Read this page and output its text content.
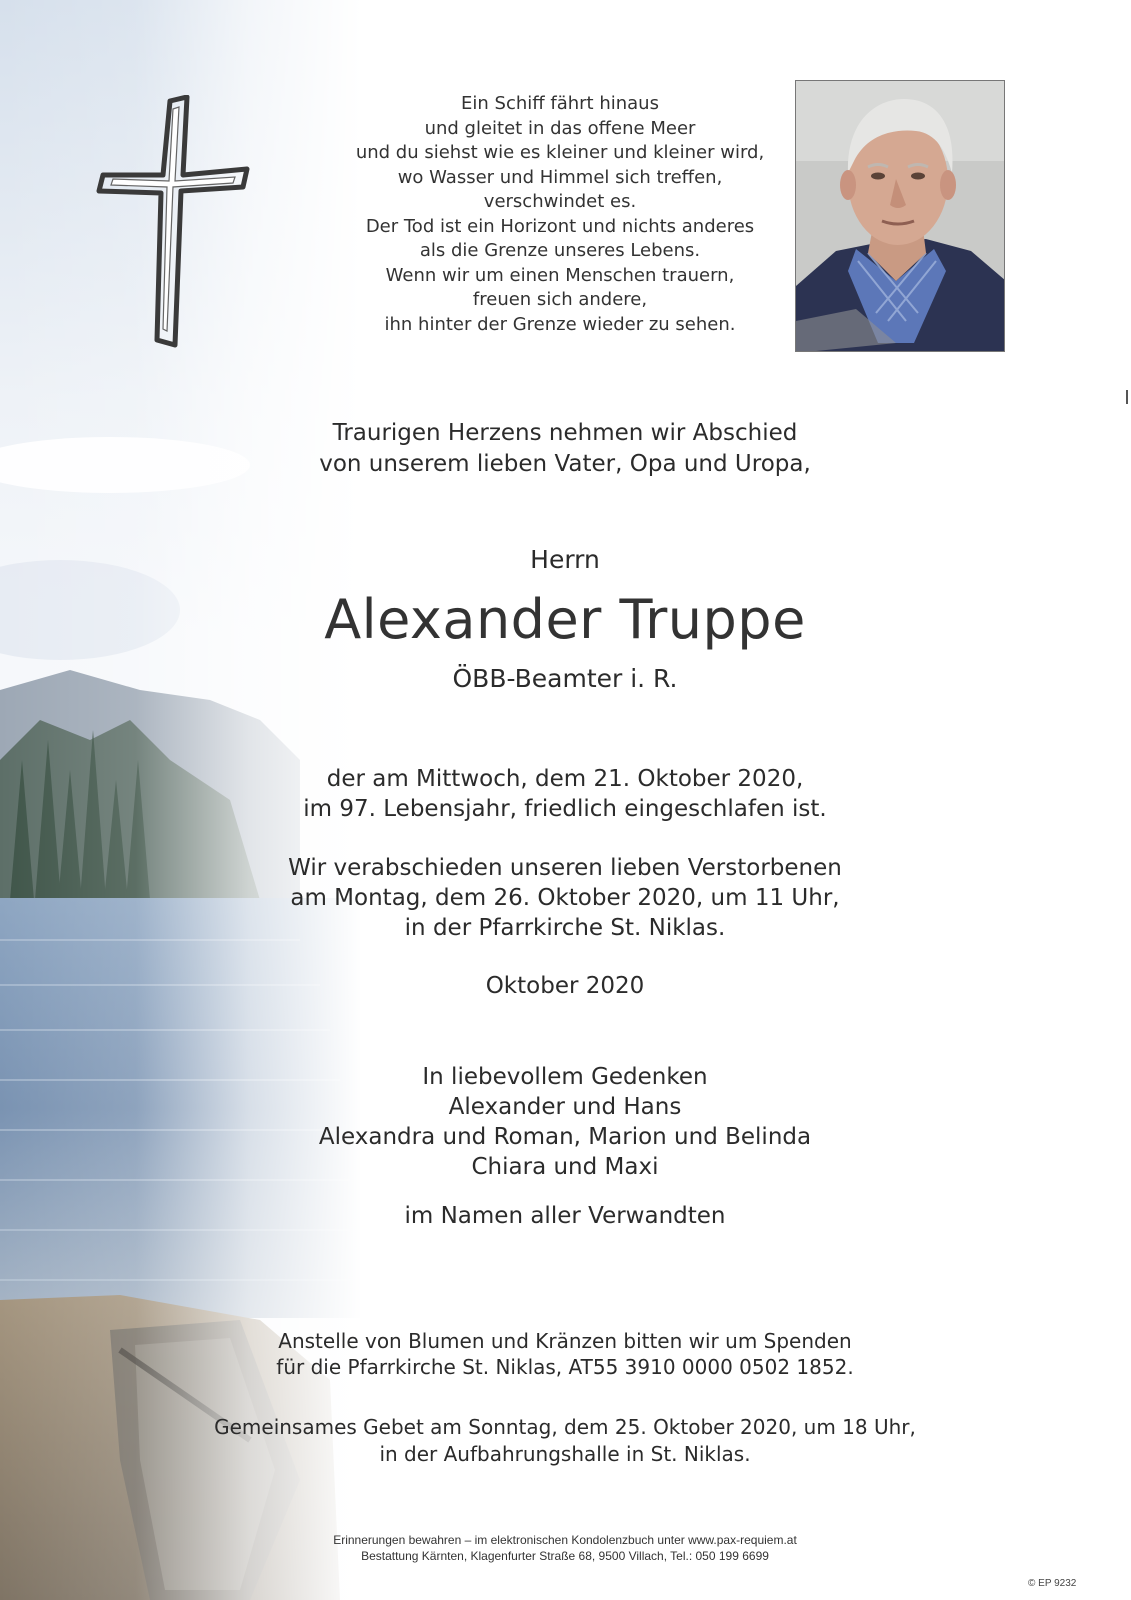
Ein Schiff fährt hinaus
und gleitet in das offene Meer
und du siehst wie es kleiner und kleiner wird,
wo Wasser und Himmel sich treffen,
verschwindet es.
Der Tod ist ein Horizont und nichts anderes
als die Grenze unseres Lebens.
Wenn wir um einen Menschen trauern,
freuen sich andere,
ihn hinter der Grenze wieder zu sehen.
Traurigen Herzens nehmen wir Abschied
von unserem lieben Vater, Opa und Uropa,
Herrn
Alexander Truppe
ÖBB-Beamter i. R.
der am Mittwoch, dem 21. Oktober 2020,
im 97. Lebensjahr, friedlich eingeschlafen ist.
Wir verabschieden unseren lieben Verstorbenen
am Montag, dem 26. Oktober 2020, um 11 Uhr,
in der Pfarrkirche St. Niklas.
Oktober 2020
In liebevollem Gedenken
Alexander und Hans
Alexandra und Roman, Marion und Belinda
Chiara und Maxi
im Namen aller Verwandten
Anstelle von Blumen und Kränzen bitten wir um Spenden
für die Pfarrkirche St. Niklas, AT55 3910 0000 0502 1852.
Gemeinsames Gebet am Sonntag, dem 25. Oktober 2020, um 18 Uhr,
in der Aufbahrungshalle in St. Niklas.
Erinnerungen bewahren – im elektronischen Kondolenzbuch unter www.pax-requiem.at
Bestattung Kärnten, Klagenfurter Straße 68, 9500 Villach, Tel.: 050 199 6699
© EP 9232
